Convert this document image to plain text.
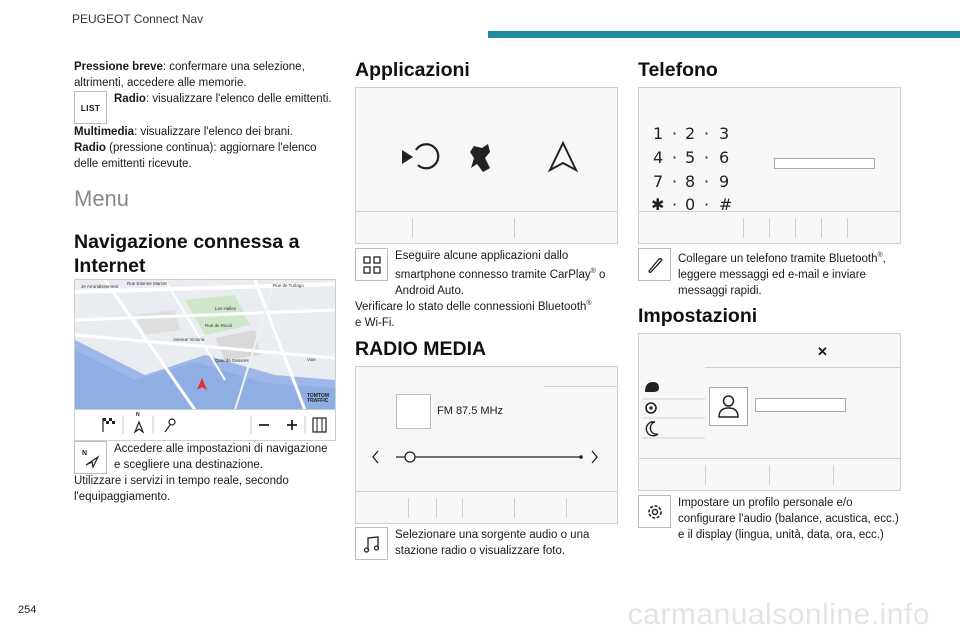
PEUGEOT Connect Nav
Pressione breve: confermare una selezione, altrimenti, accedere alle memorie.
LIST
Radio: visualizzare l'elenco delle emittenti.
Multimedia: visualizzare l'elenco dei brani.
Radio (pressione continua): aggiornare l'elenco delle emittenti ricevute.
Menu
Navigazione connessa a Internet
Je Arrondissement
Rue Etienne Marcel	Rue de Turbigo
Les Halles
Rue de Rivoli
Avenue Victoria
Quai de Gesvres	Voie
TOMTOM
TRAFFIC
N
N Accedere alle impostazioni di navigazione e scegliere una destinazione.
Utilizzare i servizi in tempo reale, secondo l'equipaggiamento.
Applicazioni
Eseguire alcune applicazioni dallo smartphone connesso tramite CarPlay® o Android Auto.
Verificare lo stato delle connessioni Bluetooth®
e Wi-Fi.
RADIO MEDIA
FM 87.5 MHz
Selezionare una sorgente audio o una stazione radio o visualizzare foto.
Telefono
1 · 2 · 3
4 · 5 · 6
7 · 8 · 9
✱ · 0 · #
Collegare un telefono tramite Bluetooth®, leggere messaggi ed e-mail e inviare messaggi rapidi.
Impostazioni
✕
Impostare un profilo personale e/o configurare l'audio (balance, acustica, ecc.) e il display (lingua, unità, data, ora, ecc.)
254	carmanualsonline.info
